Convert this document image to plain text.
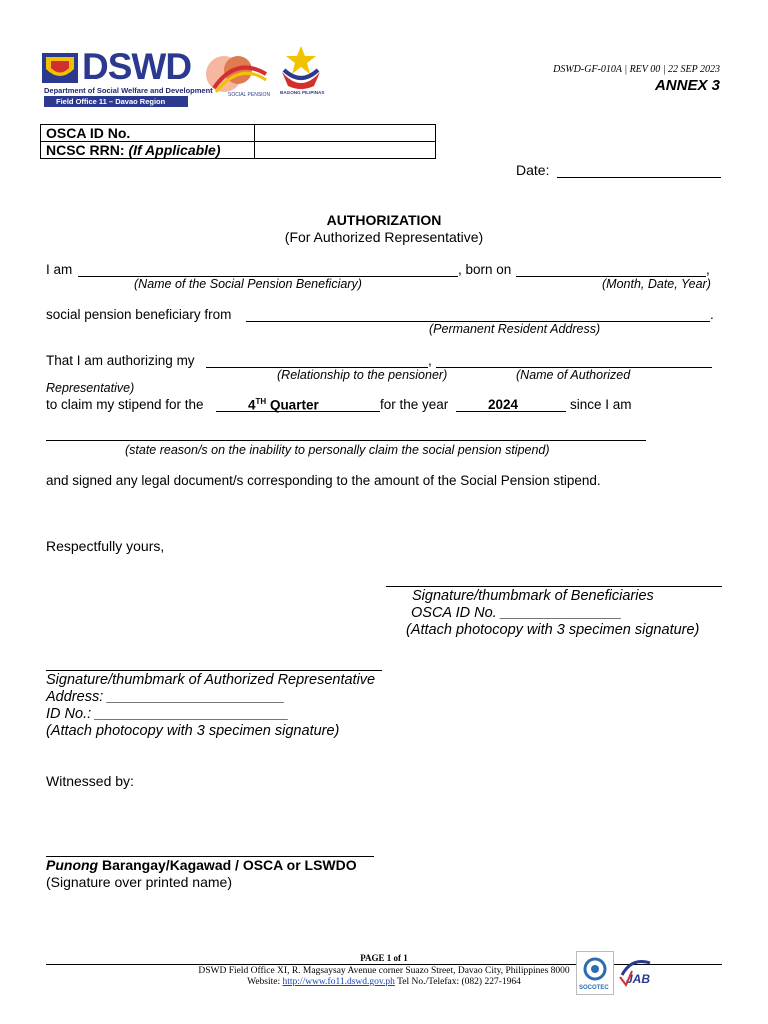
DSWD
Department of Social Welfare and Development
Field Office 11 – Davao Region
SOCIAL PENSION BAGONG PILIPINAS
DSWD-GF-010A | REV 00 | 22 SEP 2023
ANNEX 3
OSCA ID No.	
NCSC RRN: (If Applicable)	
Date:
AUTHORIZATION
(For Authorized Representative)
I am	, born on	,
(Name of the Social Pension Beneficiary)	(Month, Date, Year)
social pension beneficiary from	.
(Permanent Resident Address)
That I am authorizing my	,
(Relationship to the pensioner)	(Name of Authorized
Representative)
to claim my stipend for the	4TH Quarter	for the year	2024	since I am
(state reason/s on the inability to personally claim the social pension stipend)
and signed any legal document/s corresponding to the amount of the Social Pension stipend.
Respectfully yours,
Signature/thumbmark of Beneficiaries
OSCA ID No. _______________
(Attach photocopy with 3 specimen signature)
Signature/thumbmark of Authorized Representative
Address: ______________________
ID No.: ________________________
(Attach photocopy with 3 specimen signature)
Witnessed by:
Punong Barangay/Kagawad / OSCA or LSWDO
(Signature over printed name)
PAGE 1 of 1
DSWD Field Office XI, R. Magsaysay Avenue corner Suazo Street, Davao City, Philippines 8000
Website: http://www.fo11.dswd.gov.ph Tel No./Telefax: (082) 227-1964
SOCOTEC
JAB
